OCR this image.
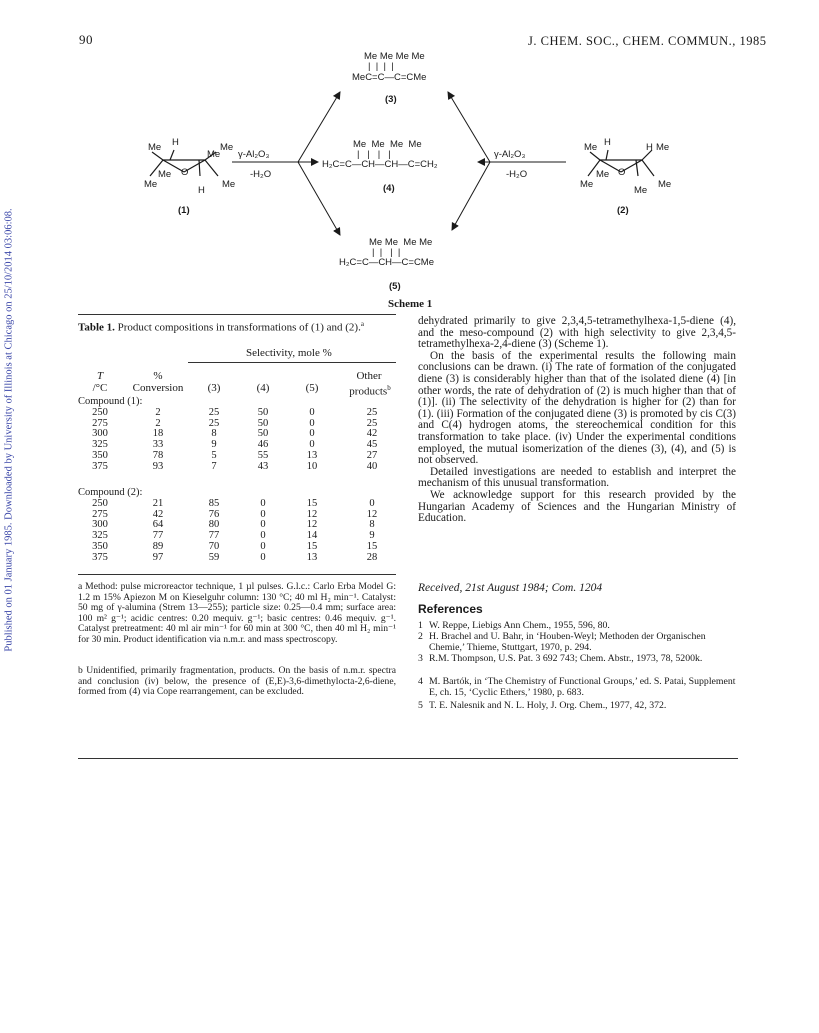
90	J. CHEM. SOC., CHEM. COMMUN., 1985
Published on 01 January 1985. Downloaded by University of Illinois at Chicago on 25/10/2014 03:06:08.
Me Me Me Me
|  |  |  |
MeC=C—C=CMe
(3)
Me  Me  Me  Me
|   |   |   |
H₂C=C—CH—CH—C=CH₂
(4)
Me Me  Me Me
|  |   |  |
H₂C=C—CH—C=CMe
(5)
γ-Al₂O₃
-H₂O
γ-Al₂O₃
-H₂O
Me H	Me
Me
Me
Me
H
O
Me
(1)
Me H	H Me
Me
Me
Me
O
Me
(2)
Scheme 1
Table 1. Product compositions in transformations of (1) and (2).$^a$
Selectivity, mole %
T
/°C
%
Conversion	(3)	(4)	(5)
Other
products$^b$
Compound (1):
250	2	25	50	0	25
275	2	25	50	0	25
300	18	8	50	0	42
325	33	9	46	0	45
350	78	5	55	13	27
375	93	7	43	10	40
Compound (2):
250	21	85	0	15	0
275	42	76	0	12	12
300	64	80	0	12	8
325	77	77	0	14	9
350	89	70	0	15	15
375	97	59	0	13	28
a Method: pulse microreactor technique, 1 µl pulses. G.l.c.: Carlo Erba Model G: 1.2 m 15% Apiezon M on Kieselguhr column: 130 °C; 40 ml H₂ min⁻¹. Catalyst: 50 mg of γ-alumina (Strem 13—255); particle size: 0.25—0.4 mm; surface area: 100 m² g⁻¹; acidic centres: 0.20 mequiv. g⁻¹; basic centres: 0.46 mequiv. g⁻¹. Catalyst pretreatment: 40 ml air min⁻¹ for 60 min at 300 °C, then 40 ml H₂ min⁻¹ for 30 min. Product identification via n.m.r. and mass spectroscopy.
b Unidentified, primarily fragmentation, products. On the basis of n.m.r. spectra and conclusion (iv) below, the presence of (E,E)-3,6-dimethylocta-2,6-diene, formed from (4) via Cope rearrangement, can be excluded.

dehydrated primarily to give 2,3,4,5-tetramethylhexa-1,5-diene (4), and the meso-compound (2) with high selectivity to give 2,3,4,5-tetramethylhexa-2,4-diene (3) (Scheme 1).

On the basis of the experimental results the following main conclusions can be drawn. (i) The rate of formation of the conjugated diene (3) is considerably higher than that of the isolated diene (4) [in other words, the rate of dehydration of (2) is much higher than that of (1)]. (ii) The selectivity of the dehydration is higher for (2) than for (1). (iii) Formation of the conjugated diene (3) is promoted by cis C(3) and C(4) hydrogen atoms, the stereochemical condition for this transformation to take place. (iv) Under the experimental conditions employed, the mutual isomerization of the dienes (3), (4), and (5) is not observed.

Detailed investigations are needed to establish and interpret the mechanism of this unusual transformation.

We acknowledge support for this research provided by the Hungarian Academy of Sciences and the Hungarian Ministry of Education.

Received, 21st August 1984; Com. 1204
References
1 W. Reppe, Liebigs Ann Chem., 1955, 596, 80.
2 H. Brachel and U. Bahr, in ‘Houben-Weyl; Methoden der Organischen Chemie,’ Thieme, Stuttgart, 1970, p. 294.
3 R.M. Thompson, U.S. Pat. 3 692 743; Chem. Abstr., 1973, 78, 5200k.
4 M. Bartók, in ‘The Chemistry of Functional Groups,’ ed. S. Patai, Supplement E, ch. 15, ‘Cyclic Ethers,’ 1980, p. 683.
5 T. E. Nalesnik and N. L. Holy, J. Org. Chem., 1977, 42, 372.
